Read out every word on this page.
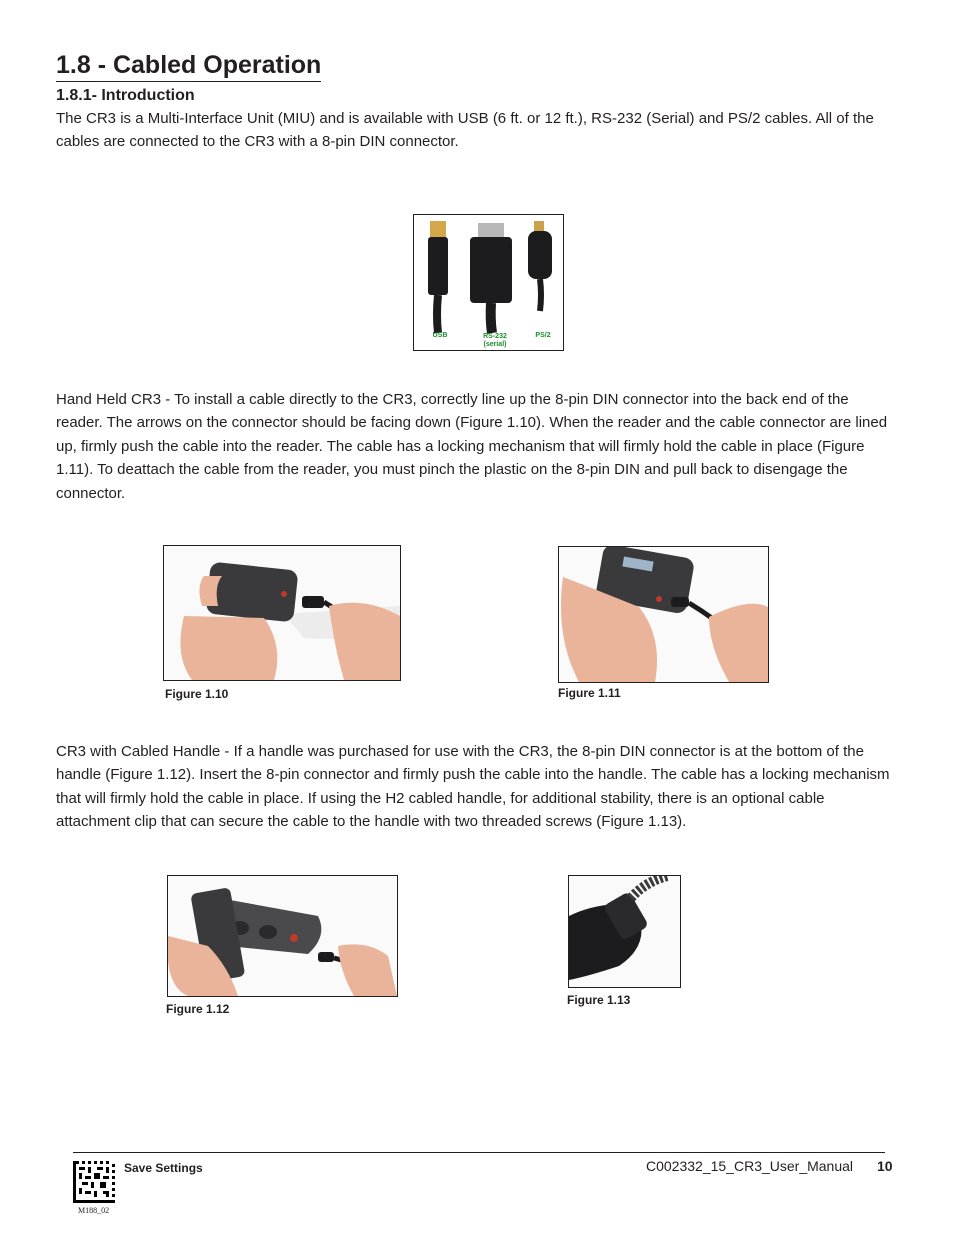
1.8 - Cabled Operation
1.8.1- Introduction

The CR3 is a Multi-Interface Unit (MIU) and is available with USB (6 ft. or 12 ft.), RS-232 (Serial) and PS/2 cables. All of the cables are connected to the CR3 with a 8-pin DIN connector.

USB	RS-232
(serial)
PS/2

Hand Held CR3 - To install a cable directly to the CR3, correctly line up the 8-pin DIN connector into the back end of the reader. The arrows on the connector should be facing down (Figure 1.10). When the reader and the cable connector are lined up, firmly push the cable into the reader. The cable has a locking mechanism that will firmly hold the cable in place (Figure 1.11). To deattach the cable from the reader, you must pinch the plastic on the 8-pin DIN and pull back to disengage the connector.

Figure 1.10	Figure 1.11

CR3 with Cabled Handle - If a handle was purchased for use with the CR3, the 8-pin DIN connector is at the bottom of the handle (Figure 1.12). Insert the 8-pin connector and firmly push the cable into the handle. The cable has a locking mechanism that will firmly hold the cable in place. If using the H2 cabled handle, for additional stability, there is an optional cable attachment clip that can secure the cable to the handle with two threaded screws (Figure 1.13).

Figure 1.12
Figure 1.13
Save Settings
M188_02
C002332_15_CR3_User_Manual 10
